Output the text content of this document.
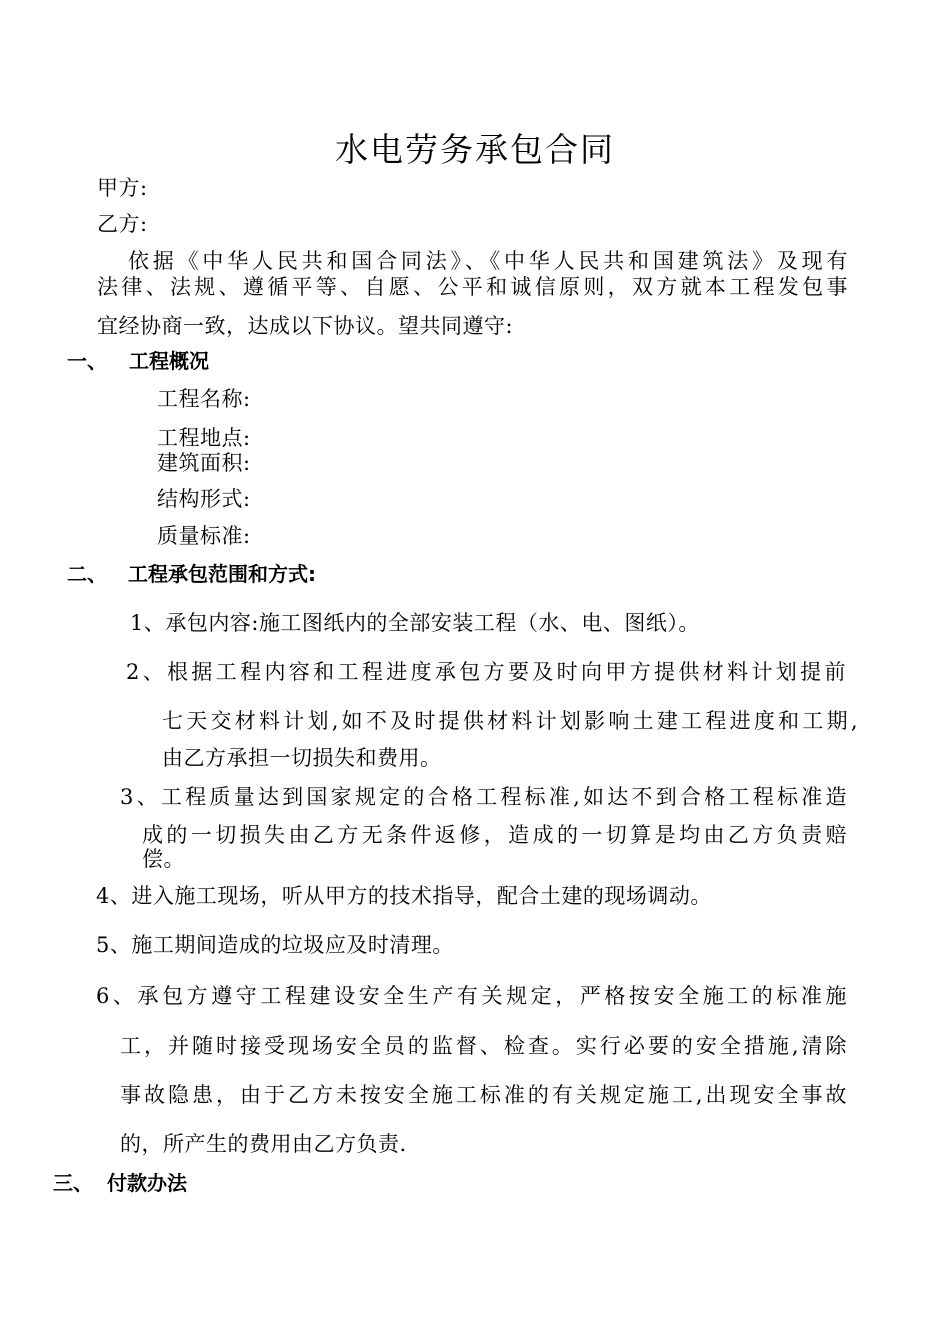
水电劳务承包合同
甲方:
乙方:
依据《中华人民共和国合同法》、《中华人民共和国建筑法》及现有
法律、法规、遵循平等、自愿、公平和诚信原则，双方就本工程发包事
宜经协商一致，达成以下协议。望共同遵守:
一、 工程概况
工程名称:
工程地点:
建筑面积:
结构形式:
质量标准:
二、 工程承包范围和方式:
1、承包内容:施工图纸内的全部安装工程（水、电、图纸）。
2、根据工程内容和工程进度承包方要及时向甲方提供材料计划提前
七天交材料计划,如不及时提供材料计划影响土建工程进度和工期,
由乙方承担一切损失和费用。
3、工程质量达到国家规定的合格工程标准,如达不到合格工程标准造
成的一切损失由乙方无条件返修，造成的一切算是均由乙方负责赔
偿。
4、进入施工现场，听从甲方的技术指导，配合土建的现场调动。
5、施工期间造成的垃圾应及时清理。
6、承包方遵守工程建设安全生产有关规定，严格按安全施工的标准施
工，并随时接受现场安全员的监督、检查。实行必要的安全措施,清除
事故隐患，由于乙方未按安全施工标准的有关规定施工,出现安全事故
的，所产生的费用由乙方负责.
三、 付款办法
